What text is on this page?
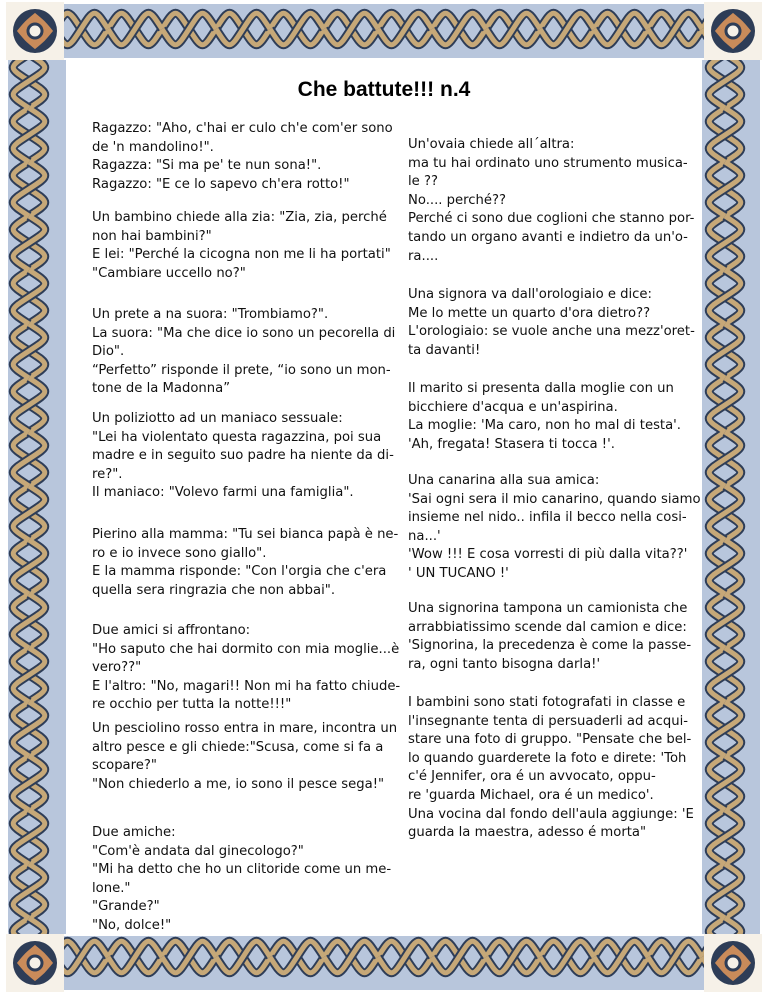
Che battute!!! n.4
Ragazzo: "Aho, c'hai er culo ch'e com'er sono
de 'n mandolino!".
Ragazza: "Si ma pe' te nun sona!".
Ragazzo: "E ce lo sapevo ch'era rotto!"
Un bambino chiede alla zia: "Zia, zia, perché
non hai bambini?"
E lei: "Perché la cicogna non me li ha portati"
"Cambiare uccello no?"
Un prete a na suora: "Trombiamo?".
La suora: "Ma che dice io sono un pecorella di
Dio".
“Perfetto” risponde il prete, “io sono un mon-
tone de la Madonna”
Un poliziotto ad un maniaco sessuale:
"Lei ha violentato questa ragazzina, poi sua
madre e in seguito suo padre ha niente da di-
re?".
Il maniaco: "Volevo farmi una famiglia".
Pierino alla mamma: "Tu sei bianca papà è ne-
ro e io invece sono giallo".
E la mamma risponde: "Con l'orgia che c'era
quella sera ringrazia che non abbai".
Due amici si affrontano:
"Ho saputo che hai dormito con mia moglie...è
vero??"
E l'altro: "No, magari!! Non mi ha fatto chiude-
re occhio per tutta la notte!!!"
Un pesciolino rosso entra in mare, incontra un
altro pesce e gli chiede:"Scusa, come si fa a
scopare?"
"Non chiederlo a me, io sono il pesce sega!"
Due amiche:
"Com'è andata dal ginecologo?"
"Mi ha detto che ho un clitoride come un me-
lone."
"Grande?"
"No, dolce!"
Un'ovaia chiede all´altra:
ma tu hai ordinato uno strumento musica-
le ??
No.... perché??
Perché ci sono due coglioni che stanno por-
tando un organo avanti e indietro da un'o-
ra....
Una signora va dall'orologiaio e dice:
Me lo mette un quarto d'ora dietro??
L'orologiaio: se vuole anche una mezz'oret-
ta davanti!
Il marito si presenta dalla moglie con un
bicchiere d'acqua e un'aspirina.
La moglie: 'Ma caro, non ho mal di testa'.
'Ah, fregata! Stasera ti tocca !'.
Una canarina alla sua amica:
'Sai ogni sera il mio canarino, quando siamo
insieme nel nido.. infila il becco nella cosi-
na...'
'Wow !!! E cosa vorresti di più dalla vita??'
' UN TUCANO !'
Una signorina tampona un camionista che
arrabbiatissimo scende dal camion e dice:
'Signorina, la precedenza è come la passe-
ra, ogni tanto bisogna darla!'
I bambini sono stati fotografati in classe e
l'insegnante tenta di persuaderli ad acqui-
stare una foto di gruppo. "Pensate che bel-
lo quando guarderete la foto e direte: 'Toh
c'é Jennifer, ora é un avvocato, oppu-
re 'guarda Michael, ora é un medico'.
Una vocina dal fondo dell'aula aggiunge: 'E
guarda la maestra, adesso é morta"
